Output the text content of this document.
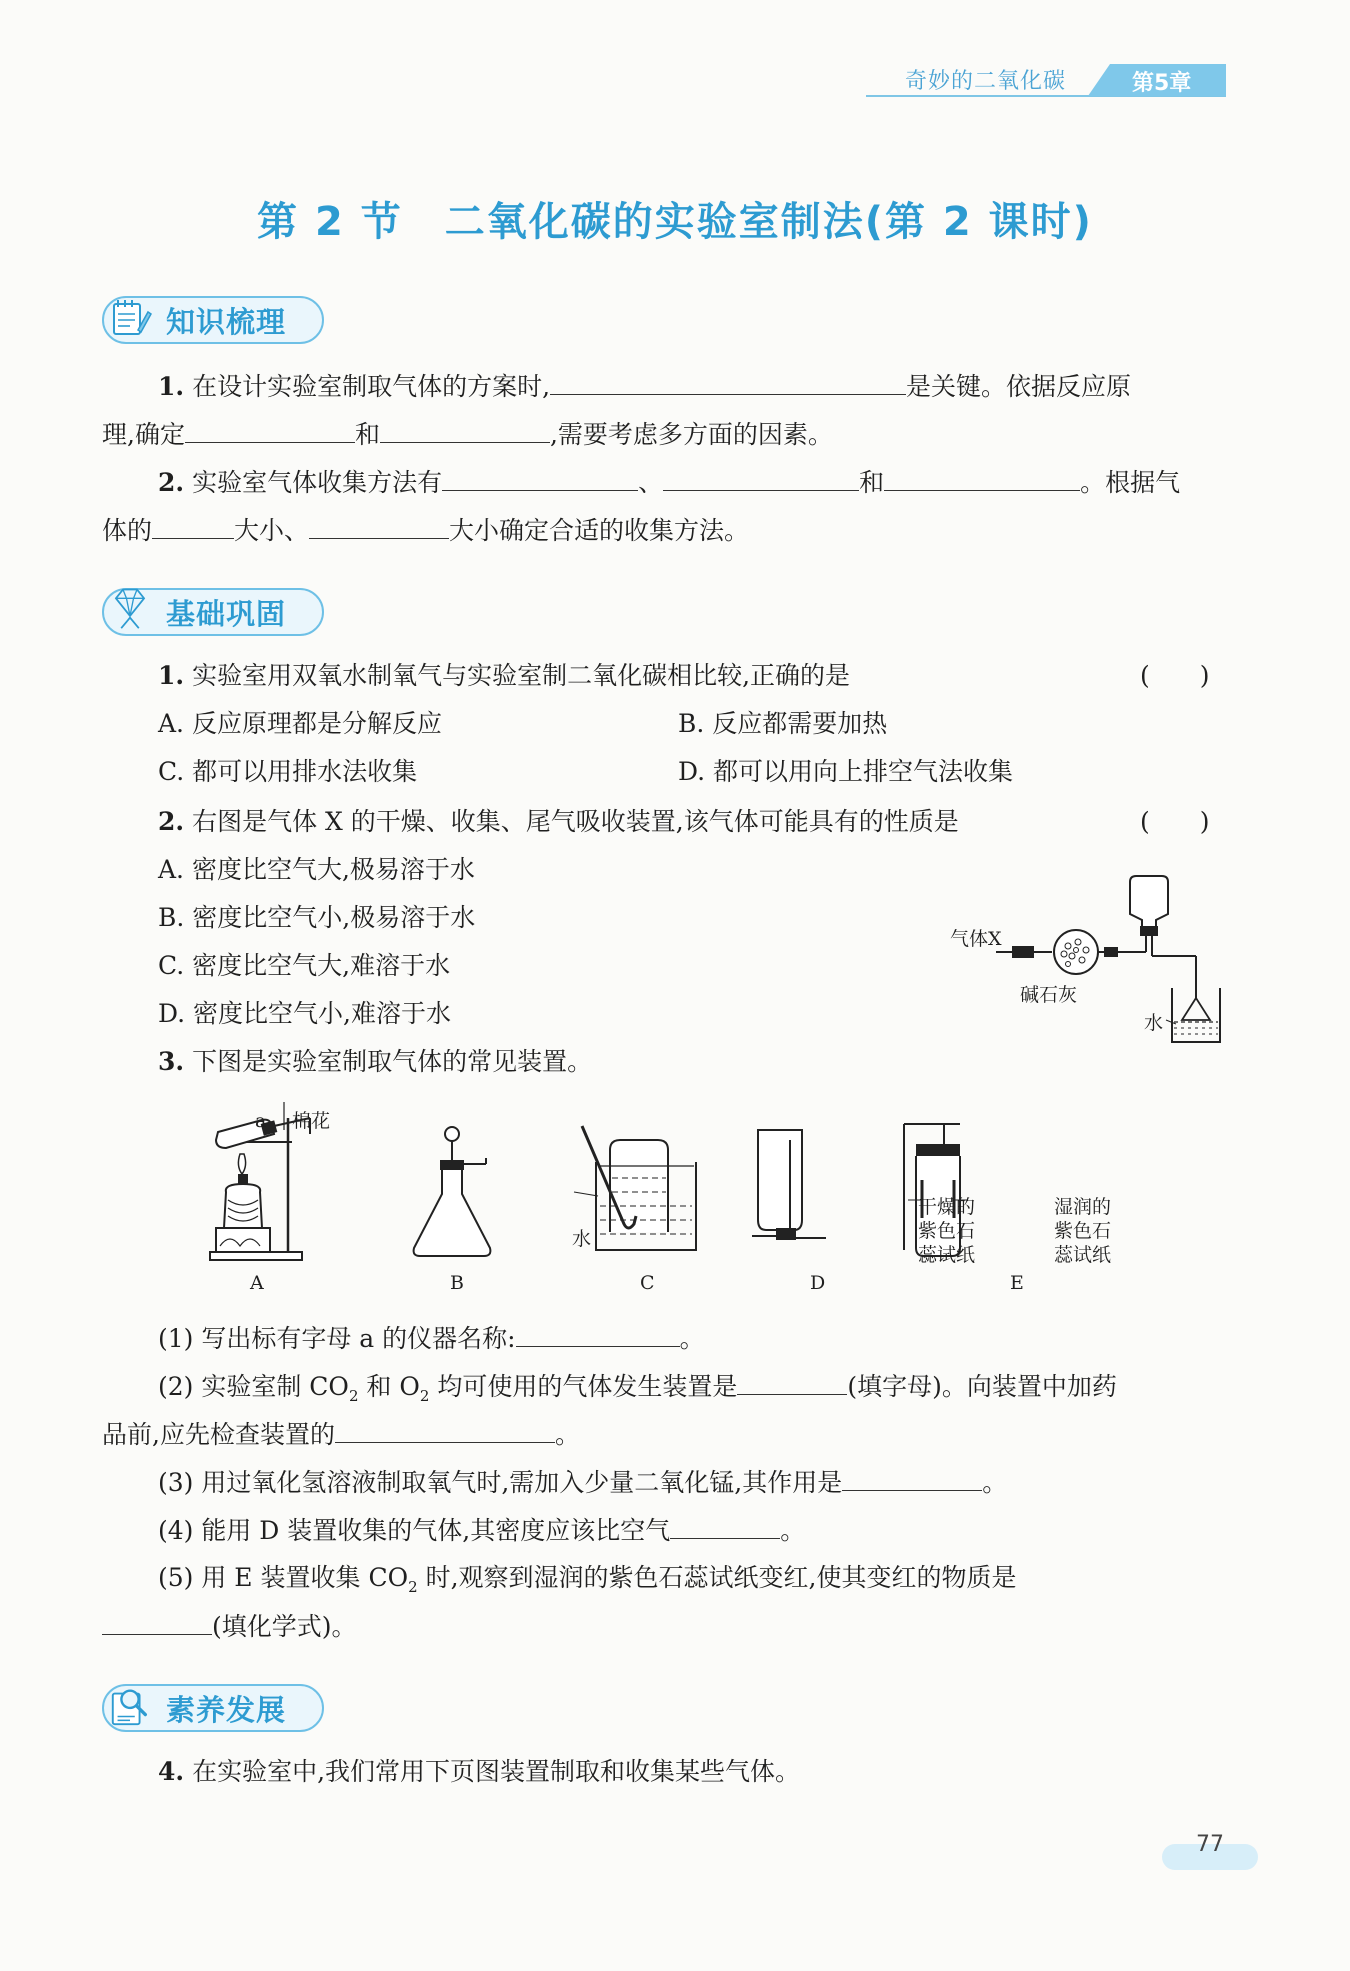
奇妙的二氧化碳	第5章
第 2 节　二氧化碳的实验室制法(第 2 课时)
知识梳理
1. 在设计实验室制取气体的方案时,	是关键。依据反应原
理,确定	和	,需要考虑多方面的因素。
2. 实验室气体收集方法有	、	和	。根据气
体的	大小、	大小确定合适的收集方法。
基础巩固
1. 实验室用双氧水制氧气与实验室制二氧化碳相比较,正确的是	(　　)
A. 反应原理都是分解反应	B. 反应都需要加热
C. 都可以用排水法收集	D. 都可以用向上排空气法收集
2. 右图是气体 X 的干燥、收集、尾气吸收装置,该气体可能具有的性质是	(　　)
A. 密度比空气大,极易溶于水
B. 密度比空气小,极易溶于水
C. 密度比空气大,难溶于水
D. 密度比空气小,难溶于水
气体X
碱石灰
水
3. 下图是实验室制取气体的常见装置。
a 棉花
水
干燥的
紫色石
蕊试纸
湿润的
紫色石
蕊试纸
A	B	C	D	E
(1) 写出标有字母 a 的仪器名称:	。
(2) 实验室制 $CO_2$ 和 $O_2$ 均可使用的气体发生装置是	(填字母)。向装置中加药
品前,应先检查装置的	。
(3) 用过氧化氢溶液制取氧气时,需加入少量二氧化锰,其作用是	。
(4) 能用 D 装置收集的气体,其密度应该比空气	。
(5) 用 E 装置收集 $CO_2$ 时,观察到湿润的紫色石蕊试纸变红,使其变红的物质是
(填化学式)。
素养发展
4. 在实验室中,我们常用下页图装置制取和收集某些气体。
77
